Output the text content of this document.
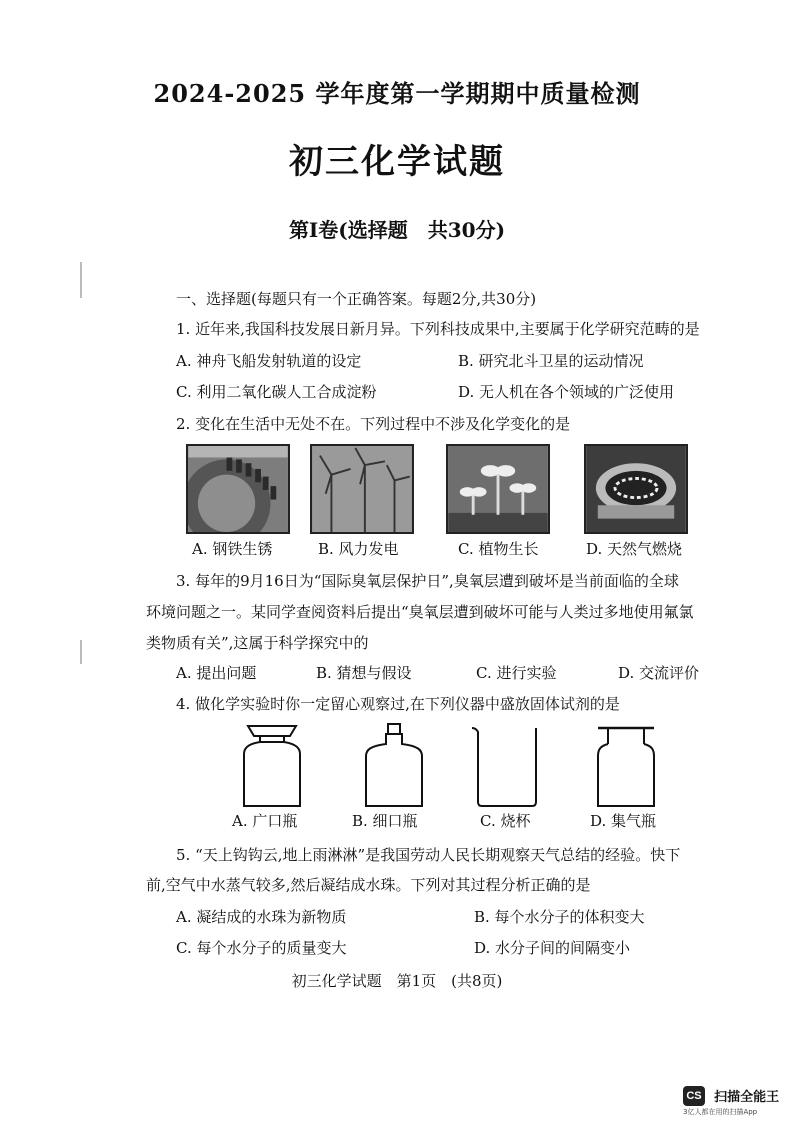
2024-2025 学年度第一学期期中质量检测
初三化学试题
第Ⅰ卷(选择题　共30分)
一、选择题(每题只有一个正确答案。每题2分,共30分)
1. 近年来,我国科技发展日新月异。下列科技成果中,主要属于化学研究范畴的是
A. 神舟飞船发射轨道的设定	B. 研究北斗卫星的运动情况
C. 利用二氧化碳人工合成淀粉	D. 无人机在各个领域的广泛使用
2. 变化在生活中无处不在。下列过程中不涉及化学变化的是
A. 钢铁生锈	B. 风力发电	C. 植物生长	D. 天然气燃烧
3. 每年的9月16日为“国际臭氧层保护日”,臭氧层遭到破坏是当前面临的全球
环境问题之一。某同学查阅资料后提出“臭氧层遭到破坏可能与人类过多地使用氟氯
类物质有关”,这属于科学探究中的
A. 提出问题	B. 猜想与假设	C. 进行实验	D. 交流评价
4. 做化学实验时你一定留心观察过,在下列仪器中盛放固体试剂的是
A. 广口瓶	B. 细口瓶	C. 烧杯	D. 集气瓶
5. “天上钩钩云,地上雨淋淋”是我国劳动人民长期观察天气总结的经验。快下
前,空气中水蒸气较多,然后凝结成水珠。下列对其过程分析正确的是
A. 凝结成的水珠为新物质	B. 每个水分子的体积变大
C. 每个水分子的质量变大	D. 水分子间的间隔变小
初三化学试题　第1页　(共8页)
CS 扫描全能王
3亿人都在用的扫描App
